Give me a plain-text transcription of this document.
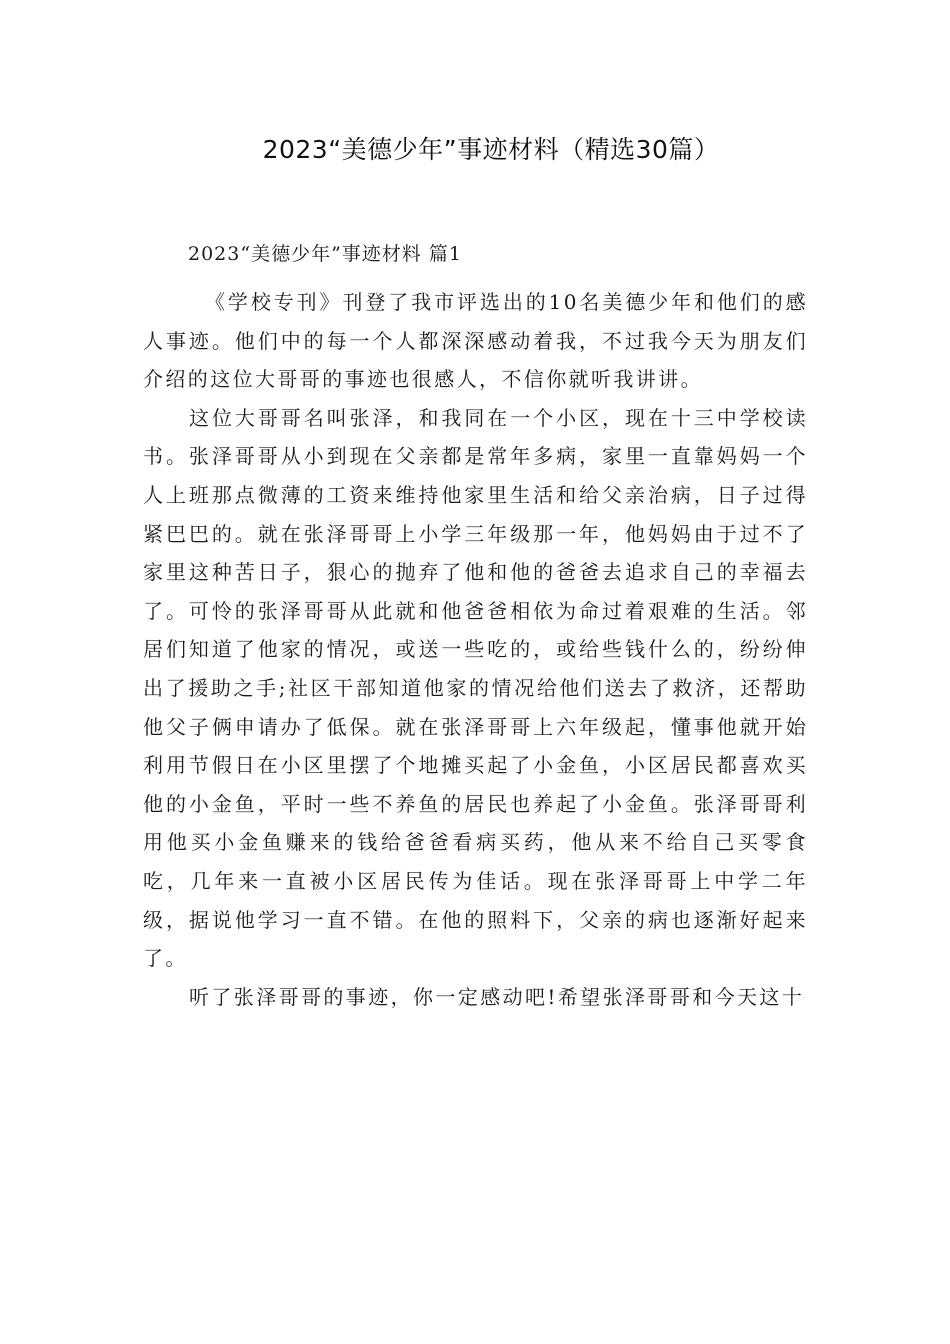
2023“美德少年”事迹材料（精选30篇）
2023“美德少年”事迹材料 篇1

《学校专刊》刊登了我市评选出的10名美德少年和他们的感人事迹。他们中的每一个人都深深感动着我，不过我今天为朋友们介绍的这位大哥哥的事迹也很感人，不信你就听我讲讲。

这位大哥哥名叫张泽，和我同在一个小区，现在十三中学校读书。张泽哥哥从小到现在父亲都是常年多病，家里一直靠妈妈一个人上班那点微薄的工资来维持他家里生活和给父亲治病，日子过得紧巴巴的。就在张泽哥哥上小学三年级那一年，他妈妈由于过不了家里这种苦日子，狠心的抛弃了他和他的爸爸去追求自己的幸福去了。可怜的张泽哥哥从此就和他爸爸相依为命过着艰难的生活。邻居们知道了他家的情况，或送一些吃的，或给些钱什么的，纷纷伸出了援助之手;社区干部知道他家的情况给他们送去了救济，还帮助他父子俩申请办了低保。就在张泽哥哥上六年级起，懂事他就开始利用节假日在小区里摆了个地摊买起了小金鱼，小区居民都喜欢买他的小金鱼，平时一些不养鱼的居民也养起了小金鱼。张泽哥哥利用他买小金鱼赚来的钱给爸爸看病买药，他从来不给自己买零食吃，几年来一直被小区居民传为佳话。现在张泽哥哥上中学二年级，据说他学习一直不错。在他的照料下，父亲的病也逐渐好起来了。

听了张泽哥哥的事迹，你一定感动吧!希望张泽哥哥和今天这十
